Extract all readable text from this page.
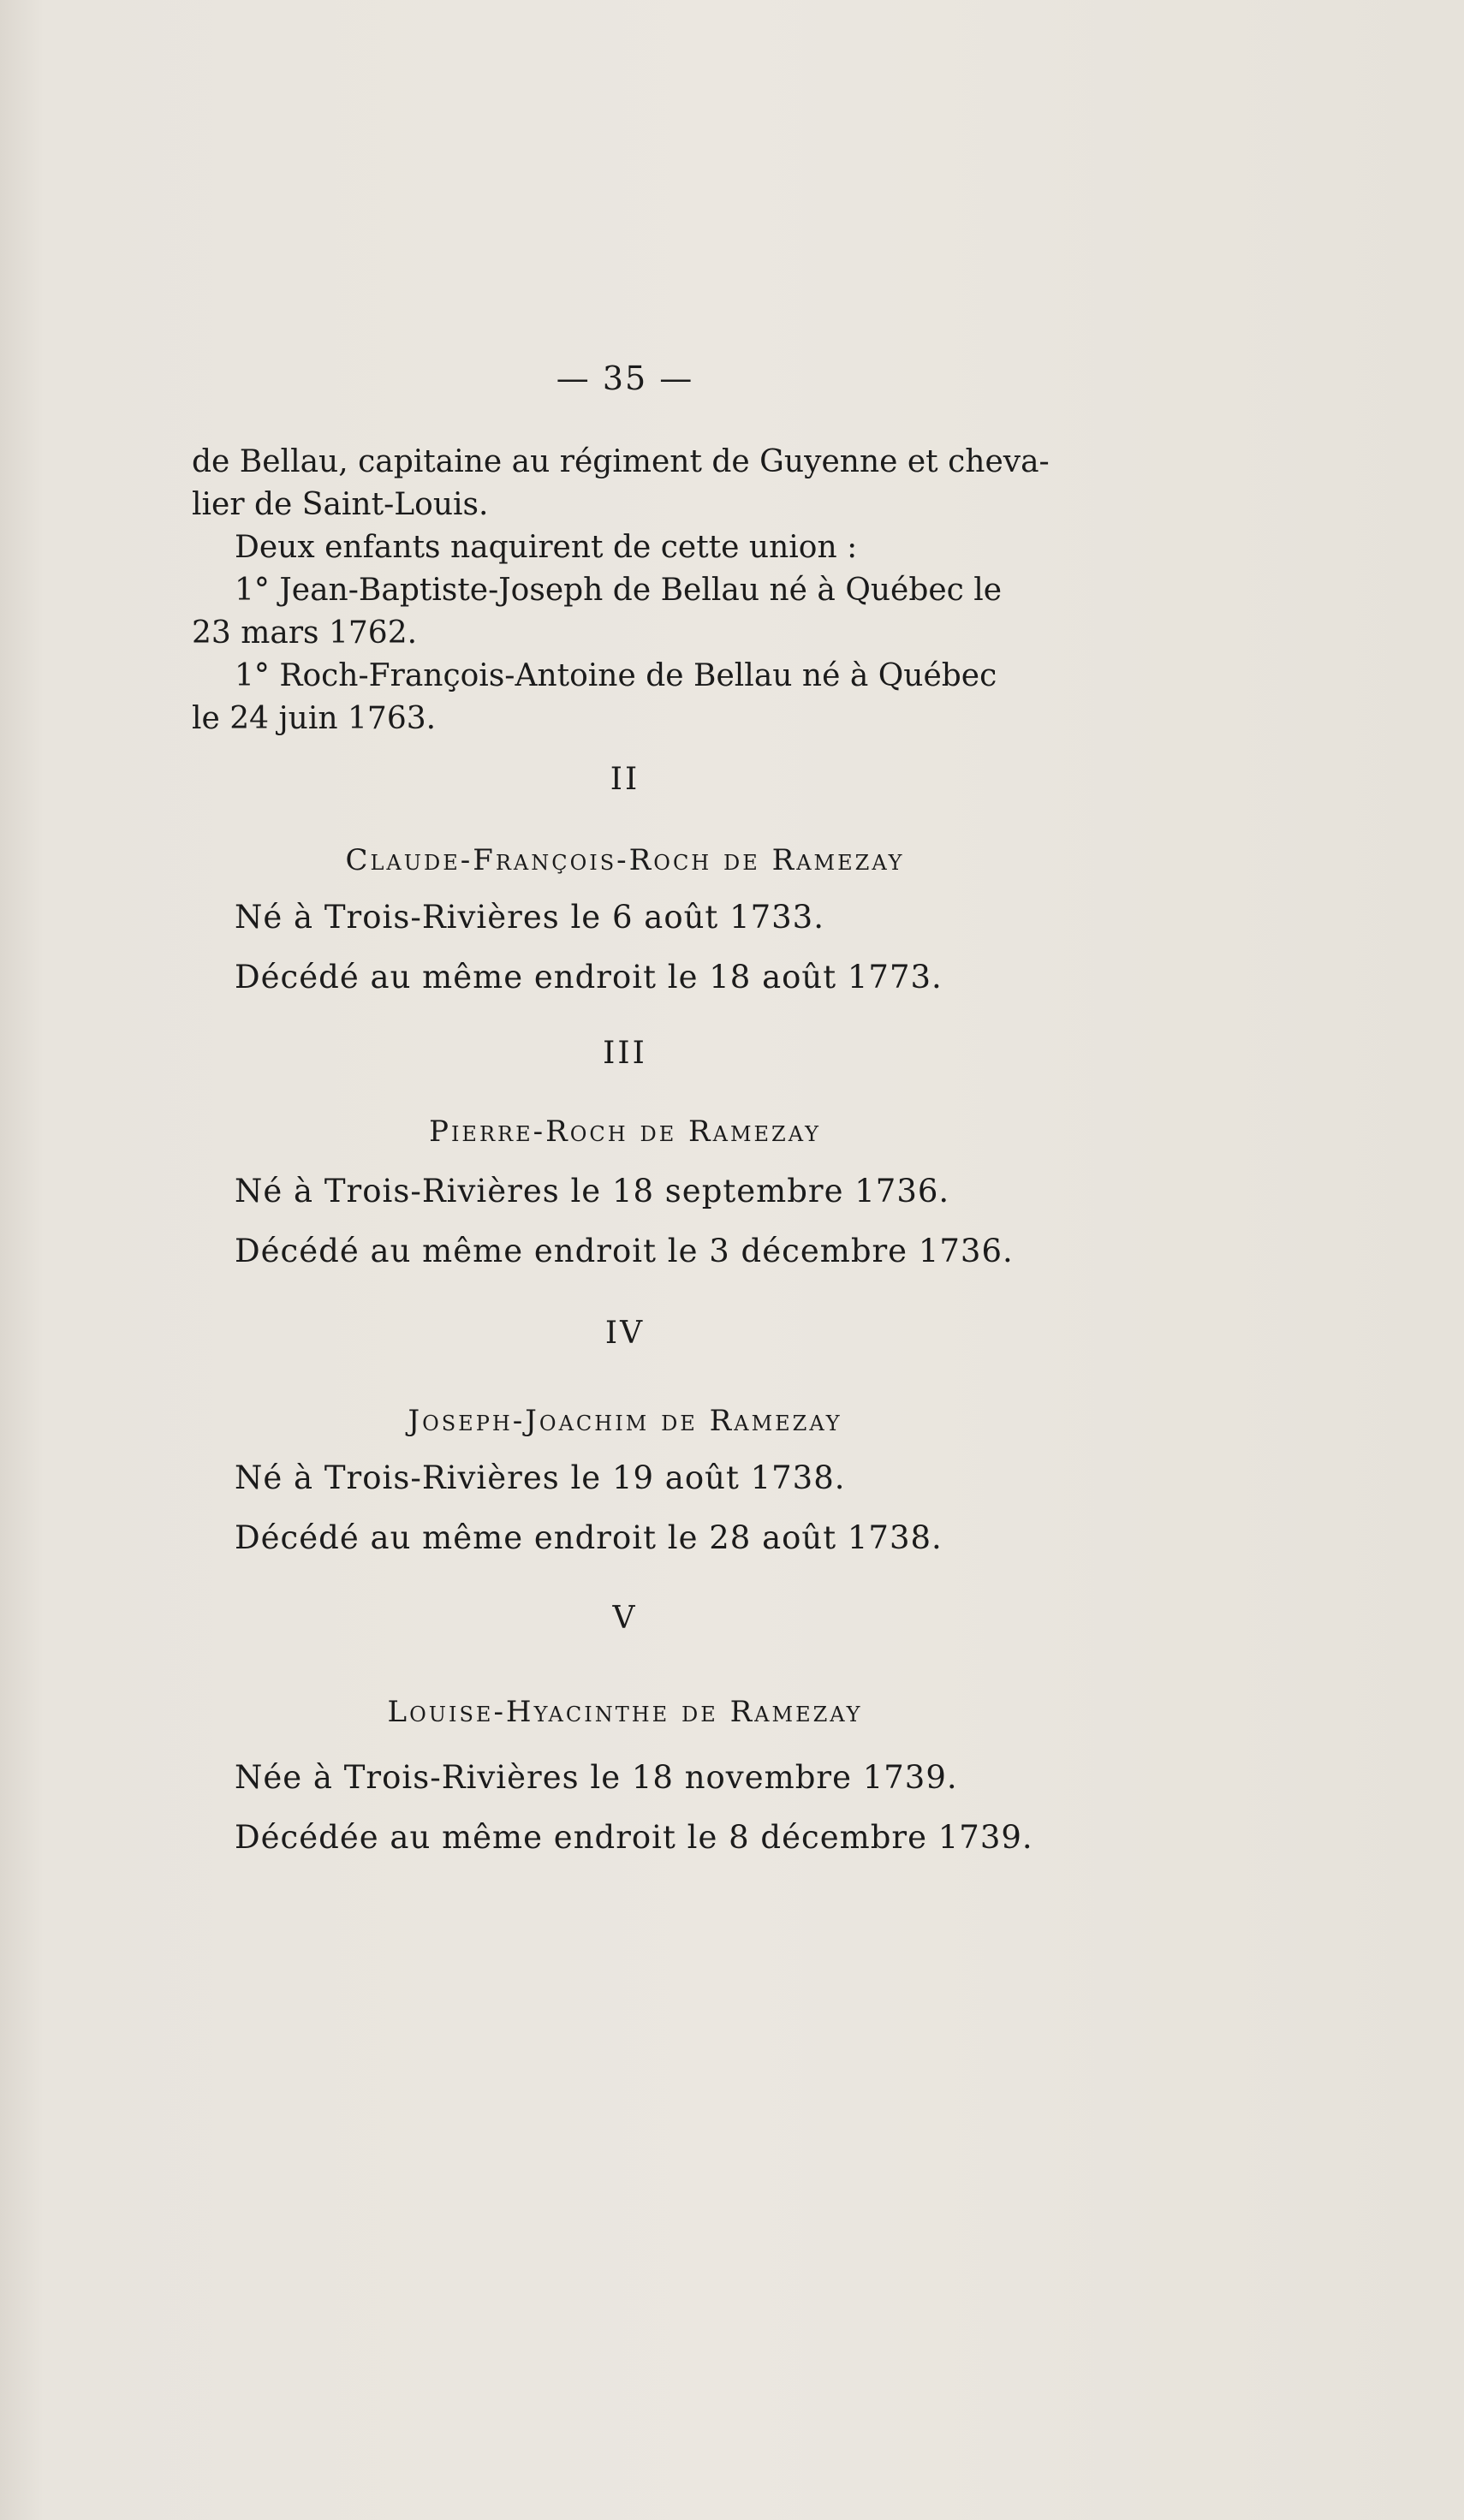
— 35 —
de Bellau, capitaine au régiment de Guyenne et cheva-
lier de Saint-Louis.
Deux enfants naquirent de cette union :
1° Jean-Baptiste-Joseph de Bellau né à Québec le
23 mars 1762.
1° Roch-François-Antoine de Bellau né à Québec
le 24 juin 1763.
II
Claude-François-Roch de Ramezay
Né à Trois-Rivières le 6 août 1733.
Décédé au même endroit le 18 août 1773.
III
Pierre-Roch de Ramezay
Né à Trois-Rivières le 18 septembre 1736.
Décédé au même endroit le 3 décembre 1736.
IV
Joseph-Joachim de Ramezay
Né à Trois-Rivières le 19 août 1738.
Décédé au même endroit le 28 août 1738.
V
Louise-Hyacinthe de Ramezay
Née à Trois-Rivières le 18 novembre 1739.
Décédée au même endroit le 8 décembre 1739.
